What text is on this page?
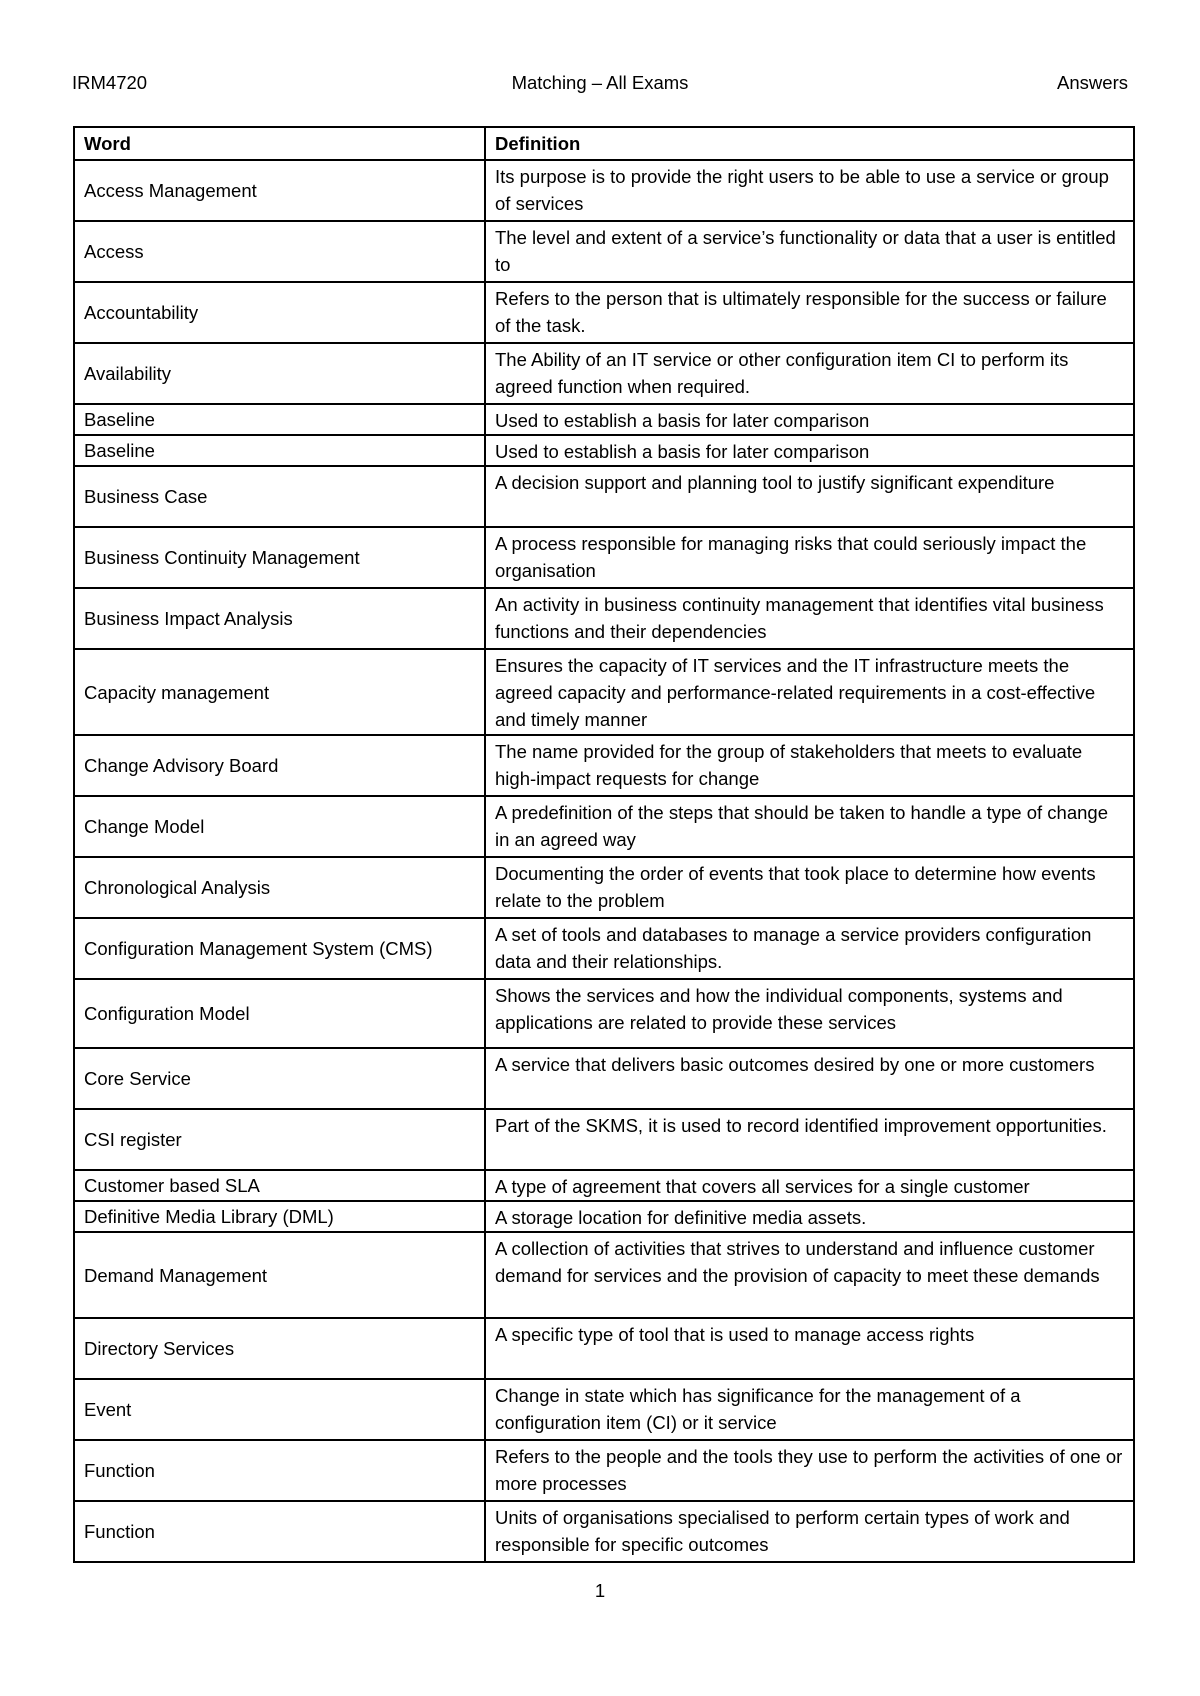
IRM4720	Matching – All Exams	Answers
Word	Definition
Access Management	Its purpose is to provide the right users to be able to use a service or group of services
Access	The level and extent of a service’s functionality or data that a user is entitled to
Accountability	Refers to the person that is ultimately responsible for the success or failure of the task.
Availability	The Ability of an IT service or other configuration item CI to perform its agreed function when required.
Baseline	Used to establish a basis for later comparison
Baseline	Used to establish a basis for later comparison
Business Case	A decision support and planning tool to justify significant expenditure
Business Continuity Management	A process responsible for managing risks that could seriously impact the organisation
Business Impact Analysis	An activity in business continuity management that identifies vital business functions and their dependencies
Capacity management	Ensures the capacity of IT services and the IT infrastructure meets the agreed capacity and performance-related requirements in a cost-effective and timely manner
Change Advisory Board	The name provided for the group of stakeholders that meets to evaluate high-impact requests for change
Change Model	A predefinition of the steps that should be taken to handle a type of change in an agreed way
Chronological Analysis	Documenting the order of events that took place to determine how events relate to the problem
Configuration Management System (CMS)	A set of tools and databases to manage a service providers configuration data and their relationships.
Configuration Model	Shows the services and how the individual components, systems and applications are related to provide these services
Core Service	A service that delivers basic outcomes desired by one or more customers
CSI register	Part of the SKMS, it is used to record identified improvement opportunities.
Customer based SLA	A type of agreement that covers all services for a single customer
Definitive Media Library (DML)	A storage location for definitive media assets.
Demand Management	A collection of activities that strives to understand and influence customer demand for services and the provision of capacity to meet these demands
Directory Services	A specific type of tool that is used to manage access rights
Event	Change in state which has significance for the management of a configuration item (CI) or it service
Function	Refers to the people and the tools they use to perform the activities of one or more processes
Function	Units of organisations specialised to perform certain types of work and responsible for specific outcomes
1
